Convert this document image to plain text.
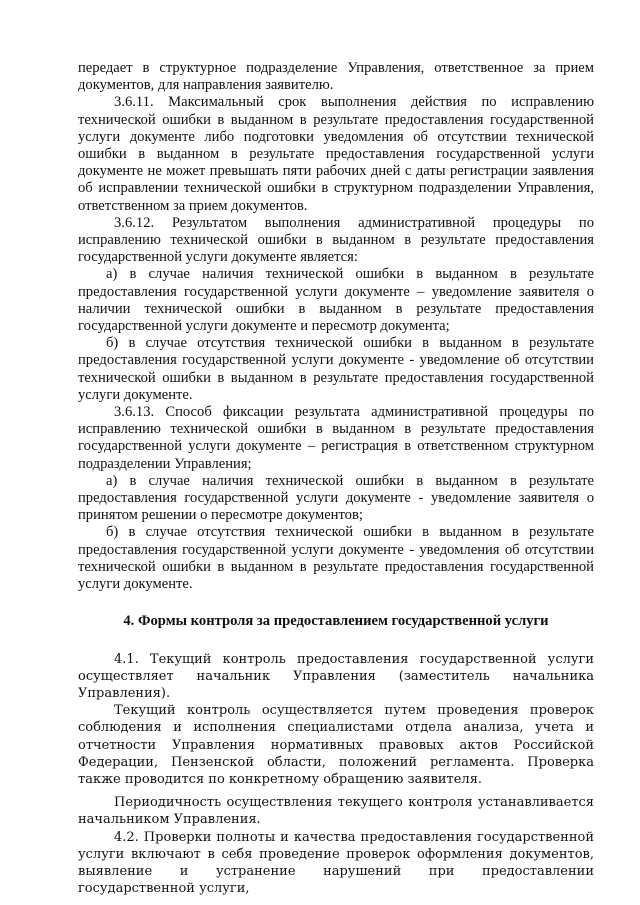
передает в структурное подразделение Управления, ответственное за прием документов, для направления заявителю.

3.6.11. Максимальный срок выполнения действия по исправлению технической ошибки в выданном в результате предоставления государственной услуги документе либо подготовки уведомления об отсутствии технической ошибки в выданном в результате предоставления государственной услуги документе не может превышать пяти рабочих дней с даты регистрации заявления об исправлении технической ошибки в структурном подразделении Управления, ответственном за прием документов.

3.6.12. Результатом выполнения административной процедуры по исправлению технической ошибки в выданном в результате предоставления государственной услуги документе является:

а) в случае наличия технической ошибки в выданном в результате предоставления государственной услуги документе – уведомление заявителя о наличии технической ошибки в выданном в результате предоставления государственной услуги документе и пересмотр документа;

б) в случае отсутствия технической ошибки в выданном в результате предоставления государственной услуги документе - уведомление об отсутствии технической ошибки в выданном в результате предоставления государственной услуги документе.

3.6.13. Способ фиксации результата административной процедуры по исправлению технической ошибки в выданном в результате предоставления государственной услуги документе – регистрация в ответственном структурном подразделении Управления;

а) в случае наличия технической ошибки в выданном в результате предоставления государственной услуги документе - уведомление заявителя о принятом решении о пересмотре документов;

б) в случае отсутствия технической ошибки в выданном в результате предоставления государственной услуги документе - уведомления об отсутствии технической ошибки в выданном в результате предоставления государственной услуги документе.

4. Формы контроля за предоставлением государственной услуги

4.1. Текущий контроль предоставления государственной услуги осуществляет начальник Управления (заместитель начальника Управления).

Текущий контроль осуществляется путем проведения проверок соблюдения и исполнения специалистами отдела анализа, учета и отчетности Управления нормативных правовых актов Российской Федерации, Пензенской области, положений регламента. Проверка также проводится по конкретному обращению заявителя.

Периодичность осуществления текущего контроля устанавливается начальником Управления.

4.2. Проверки полноты и качества предоставления государственной услуги включают в себя проведение проверок оформления документов, выявление и устранение нарушений при предоставлении государственной услуги,
